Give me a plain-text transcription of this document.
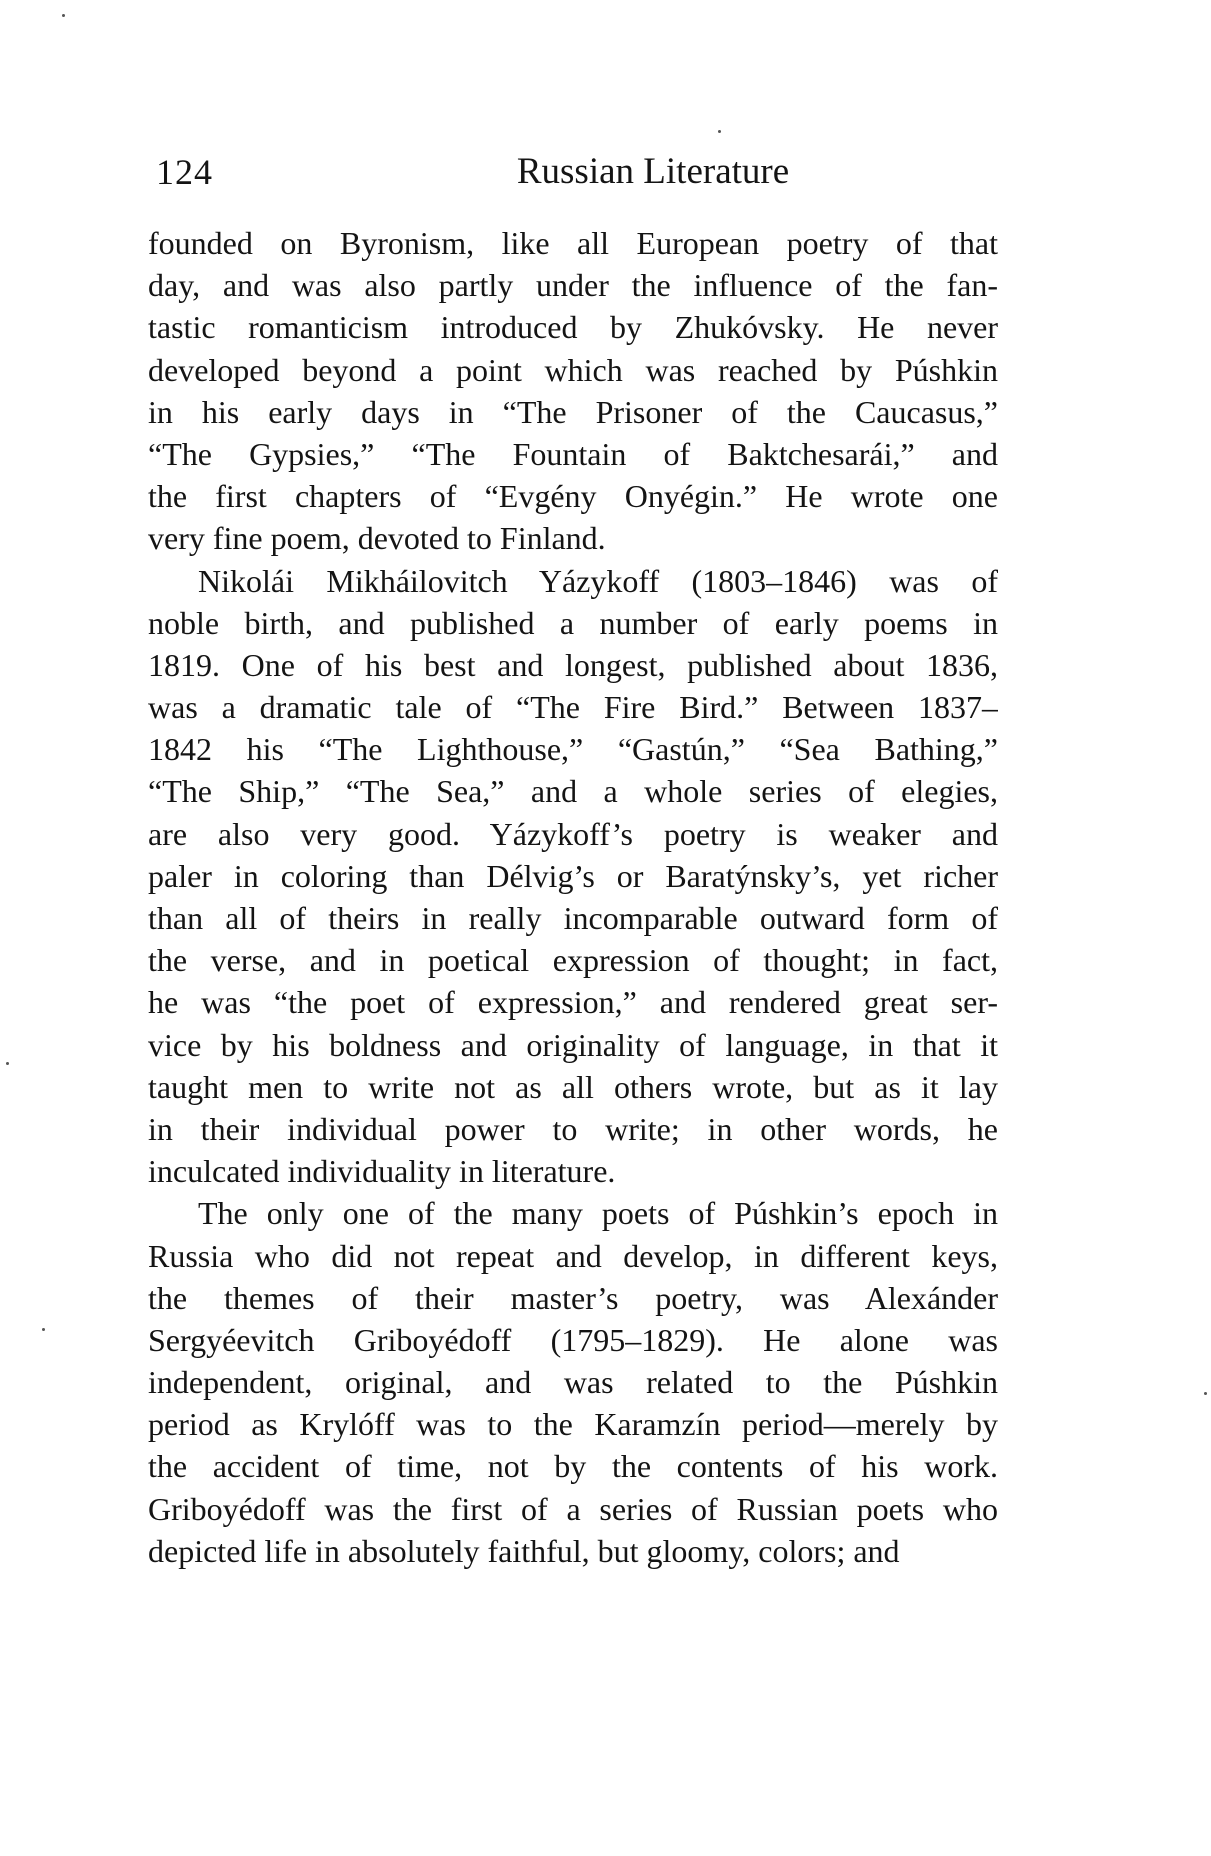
124	Russian Literature
founded on Byronism, like all European poetry of that
day, and was also partly under the influence of the fan-
tastic romanticism introduced by Zhukóvsky. He never
developed beyond a point which was reached by Púshkin
in his early days in “The Prisoner of the Caucasus,”
“The Gypsies,” “The Fountain of Baktchesarái,” and
the first chapters of “Evgény Onyégin.” He wrote one
very fine poem, devoted to Finland.
Nikolái Mikháilovitch Yázykoff (1803–1846) was of
noble birth, and published a number of early poems in
1819. One of his best and longest, published about 1836,
was a dramatic tale of “The Fire Bird.” Between 1837–
1842 his “The Lighthouse,” “Gastún,” “Sea Bathing,”
“The Ship,” “The Sea,” and a whole series of elegies,
are also very good. Yázykoff’s poetry is weaker and
paler in coloring than Délvig’s or Baratýnsky’s, yet richer
than all of theirs in really incomparable outward form of
the verse, and in poetical expression of thought; in fact,
he was “the poet of expression,” and rendered great ser-
vice by his boldness and originality of language, in that it
taught men to write not as all others wrote, but as it lay
in their individual power to write; in other words, he
inculcated individuality in literature.
The only one of the many poets of Púshkin’s epoch in
Russia who did not repeat and develop, in different keys,
the themes of their master’s poetry, was Alexánder
Sergyéevitch Griboyédoff (1795–1829). He alone was
independent, original, and was related to the Púshkin
period as Krylóff was to the Karamzín period—merely by
the accident of time, not by the contents of his work.
Griboyédoff was the first of a series of Russian poets who
depicted life in absolutely faithful, but gloomy, colors; and
